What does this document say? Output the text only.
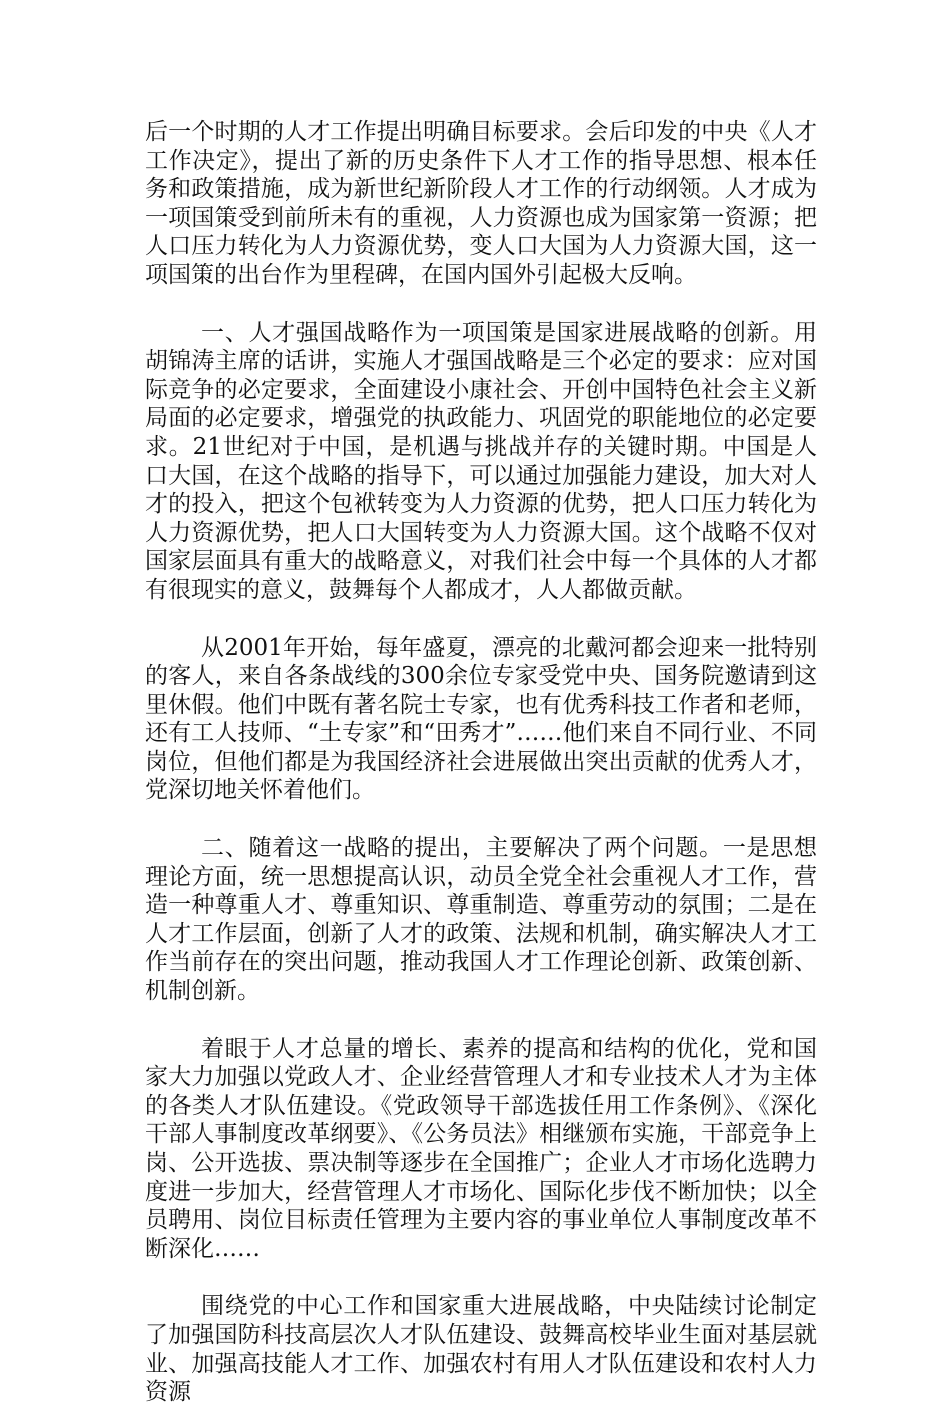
后一个时期的人才工作提出明确目标要求。会后印发的中央《人才工作决定》，提出了新的历史条件下人才工作的指导思想、根本任务和政策措施，成为新世纪新阶段人才工作的行动纲领。人才成为一项国策受到前所未有的重视，人力资源也成为国家第一资源；把人口压力转化为人力资源优势，变人口大国为人力资源大国，这一项国策的出台作为里程碑，在国内国外引起极大反响。

一、人才强国战略作为一项国策是国家进展战略的创新。用胡锦涛主席的话讲，实施人才强国战略是三个必定的要求：应对国际竞争的必定要求，全面建设小康社会、开创中国特色社会主义新局面的必定要求，增强党的执政能力、巩固党的职能地位的必定要求。21世纪对于中国，是机遇与挑战并存的关键时期。中国是人口大国，在这个战略的指导下，可以通过加强能力建设，加大对人才的投入，把这个包袱转变为人力资源的优势，把人口压力转化为人力资源优势，把人口大国转变为人力资源大国。这个战略不仅对国家层面具有重大的战略意义，对我们社会中每一个具体的人才都有很现实的意义，鼓舞每个人都成才，人人都做贡献。

从2001年开始，每年盛夏，漂亮的北戴河都会迎来一批特别的客人，来自各条战线的300余位专家受党中央、国务院邀请到这里休假。他们中既有著名院士专家，也有优秀科技工作者和老师，还有工人技师、“土专家”和“田秀才”……他们来自不同行业、不同岗位，但他们都是为我国经济社会进展做出突出贡献的优秀人才，党深切地关怀着他们。

二、随着这一战略的提出，主要解决了两个问题。一是思想理论方面，统一思想提高认识，动员全党全社会重视人才工作，营造一种尊重人才、尊重知识、尊重制造、尊重劳动的氛围；二是在人才工作层面，创新了人才的政策、法规和机制，确实解决人才工作当前存在的突出问题，推动我国人才工作理论创新、政策创新、机制创新。

着眼于人才总量的增长、素养的提高和结构的优化，党和国家大力加强以党政人才、企业经营管理人才和专业技术人才为主体的各类人才队伍建设。《党政领导干部选拔任用工作条例》、《深化干部人事制度改革纲要》、《公务员法》相继颁布实施，干部竞争上岗、公开选拔、票决制等逐步在全国推广；企业人才市场化选聘力度进一步加大，经营管理人才市场化、国际化步伐不断加快；以全员聘用、岗位目标责任管理为主要内容的事业单位人事制度改革不断深化……

围绕党的中心工作和国家重大进展战略，中央陆续讨论制定了加强国防科技高层次人才队伍建设、鼓舞高校毕业生面对基层就业、加强高技能人才工作、加强农村有用人才队伍建设和农村人力资源
